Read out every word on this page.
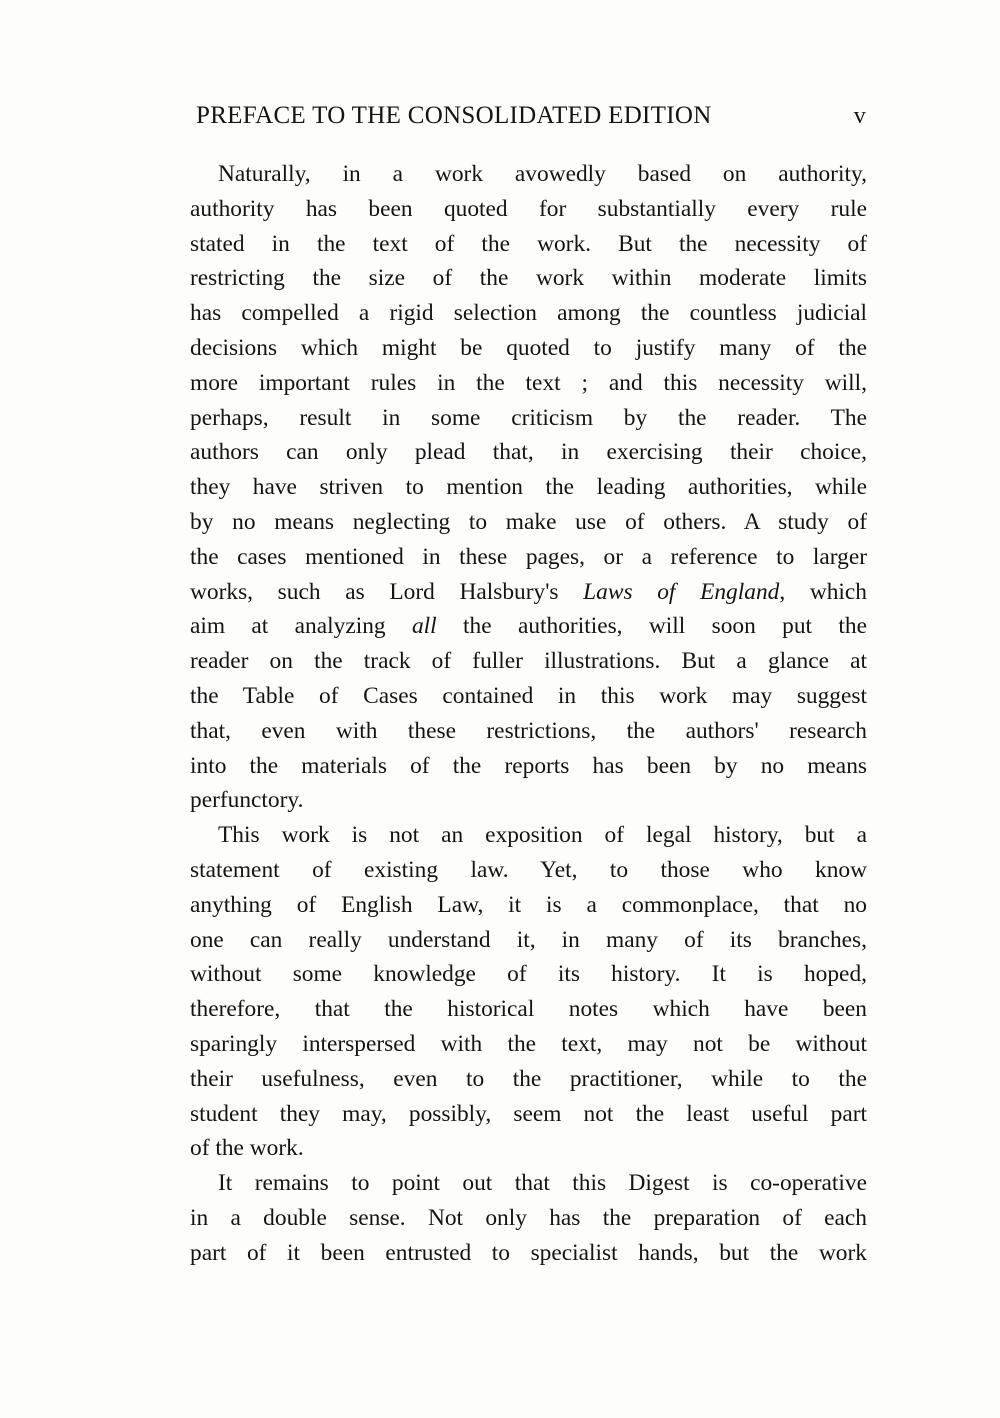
PREFACE TO THE CONSOLIDATED EDITION	v
Naturally, in a work avowedly based on authority,
authority has been quoted for substantially every rule
stated in the text of the work. But the necessity of
restricting the size of the work within moderate limits
has compelled a rigid selection among the countless judicial
decisions which might be quoted to justify many of the
more important rules in the text ; and this necessity will,
perhaps, result in some criticism by the reader. The
authors can only plead that, in exercising their choice,
they have striven to mention the leading authorities, while
by no means neglecting to make use of others. A study of
the cases mentioned in these pages, or a reference to larger
works, such as Lord Halsbury's Laws of England, which
aim at analyzing all the authorities, will soon put the
reader on the track of fuller illustrations. But a glance at
the Table of Cases contained in this work may suggest
that, even with these restrictions, the authors' research
into the materials of the reports has been by no means
perfunctory.
This work is not an exposition of legal history, but a
statement of existing law. Yet, to those who know
anything of English Law, it is a commonplace, that no
one can really understand it, in many of its branches,
without some knowledge of its history. It is hoped,
therefore, that the historical notes which have been
sparingly interspersed with the text, may not be without
their usefulness, even to the practitioner, while to the
student they may, possibly, seem not the least useful part
of the work.
It remains to point out that this Digest is co-operative
in a double sense. Not only has the preparation of each
part of it been entrusted to specialist hands, but the work
